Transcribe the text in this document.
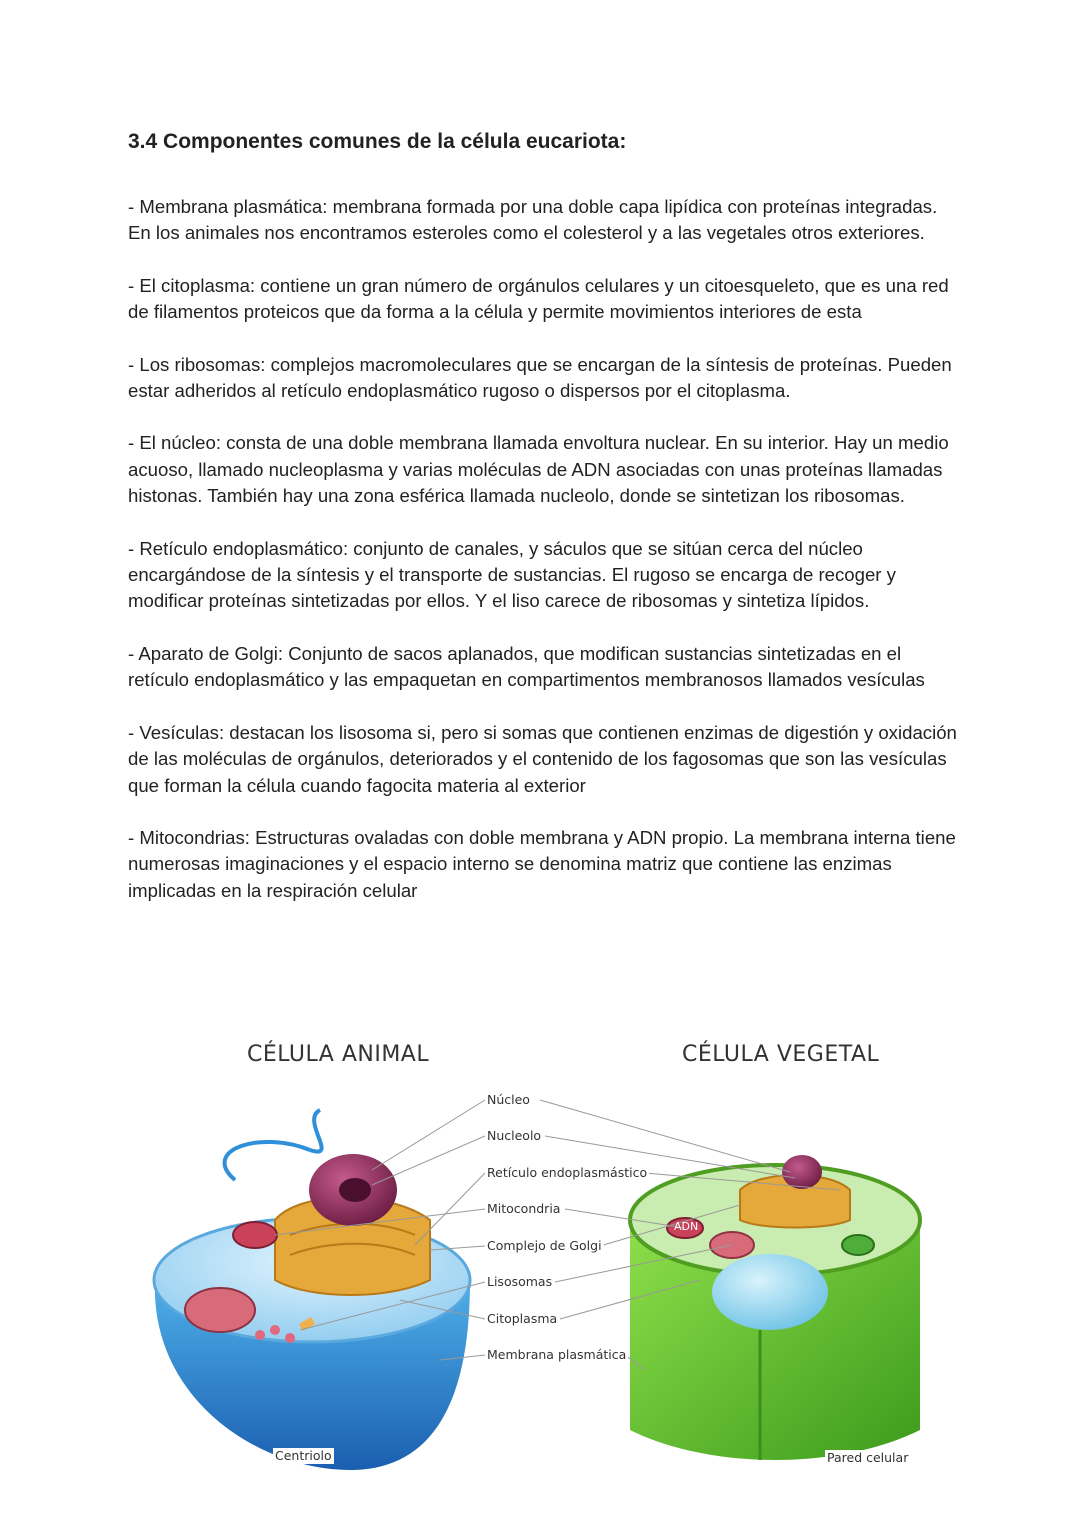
3.4 Componentes comunes de la célula eucariota:

- Membrana plasmática: membrana formada por una doble capa lipídica con proteínas integradas. En los animales nos encontramos esteroles como el colesterol y a las vegetales otros exteriores.

- El citoplasma: contiene un gran número de orgánulos celulares y un citoesqueleto, que es una red de filamentos proteicos que da forma a la célula y permite movimientos interiores de esta

- Los ribosomas: complejos macromoleculares que se encargan de la síntesis de proteínas. Pueden estar adheridos al retículo endoplasmático rugoso o dispersos por el citoplasma.

- El núcleo: consta de una doble membrana llamada envoltura nuclear. En su interior. Hay un medio acuoso, llamado nucleoplasma y varias moléculas de ADN asociadas con unas proteínas llamadas histonas. También hay una zona esférica llamada nucleolo, donde se sintetizan los ribosomas.

- Retículo endoplasmático: conjunto de canales, y sáculos que se sitúan cerca del núcleo encargándose de la síntesis y el transporte de sustancias. El rugoso se encarga de recoger y modificar proteínas sintetizadas por ellos. Y el liso carece de ribosomas y sintetiza lípidos.

- Aparato de Golgi: Conjunto de sacos aplanados, que modifican sustancias sintetizadas en el retículo endoplasmático y las empaquetan en compartimentos membranosos llamados vesículas

- Vesículas: destacan los lisosoma si, pero si somas que contienen enzimas de digestión y oxidación de las moléculas de orgánulos, deteriorados y el contenido de los fagosomas que son las vesículas que forman la célula cuando fagocita materia al exterior

- Mitocondrias: Estructuras ovaladas con doble membrana y ADN propio. La membrana interna tiene numerosas imaginaciones y el espacio interno se denomina matriz que contiene las enzimas implicadas en la respiración celular

CÉLULA ANIMAL	CÉLULA VEGETAL
Núcleo
Nucleolo
Retículo endoplasmástico
Mitocondria
Complejo de Golgi
Lisosomas
Citoplasma
Membrana plasmática
Centriolo	Pared celular
ADN
